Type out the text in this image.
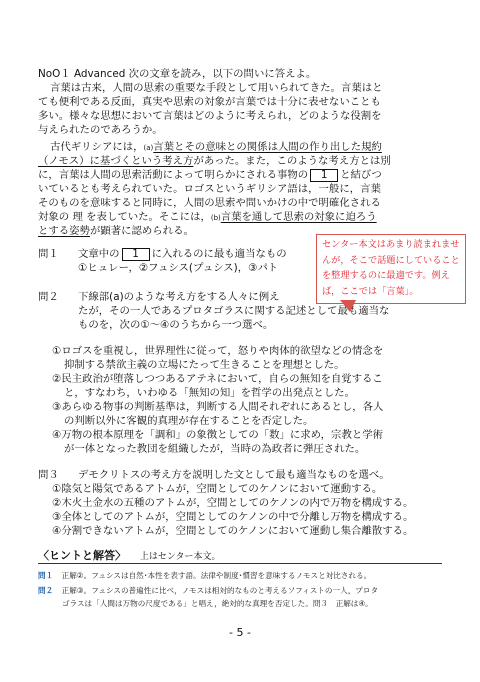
NoO１ Advanced 次の文章を読み，以下の問いに答えよ。
言葉は古来，人間の思索の重要な手段として用いられてきた。言葉はと
ても便利である反面，真実や思索の対象が言葉では十分に表せないことも
多い。様々な思想において言葉はどのように考えられ，どのような役割を
与えられたのであろうか。
古代ギリシアには，(a)言葉とその意味との関係は人間の作り出した規約
（ノモス）に基づくという考え方があった。また，このような考え方とは別
に，言葉は人間の思索活動によって明らかにされる事物の 1 と結びつ
いているとも考えられていた。ロゴスというギリシア語は，一般に，言葉
そのものを意味すると同時に，人間の思索や問いかけの中で明確化される
対象の 理 を表していた。そこには，(b)言葉を通して思索の対象に迫ろう
とする姿勢が顕著に認められる。
問１ 文章中の 1 に入れるのに最も適当なもの
①ヒュレー，②フュシス(プュシス)，③パト
問２ 下線部(a)のような考え方をする人々に例え
たが，その一人であるプロタゴラスに関する記述として最も適当な
ものを，次の①～④のうちから一つ選べ。
①ロゴスを重視し，世界理性に従って，怒りや肉体的欲望などの情念を
抑制する禁欲主義の立場にたって生きることを理想とした。
②民主政治が堕落しつつあるアテネにおいて，自らの無知を自覚するこ
と，すなわち，いわゆる「無知の知」を哲学の出発点とした。
③あらゆる物事の判断基準は，判断する人間それぞれにあるとし，各人
の判断以外に客観的真理が存在することを否定した。
④万物の根本原理を「調和」の象徴としての「数」に求め，宗教と学術
が一体となった教団を組織したが，当時の為政者に弾圧された。
問３ デモクリトスの考え方を説明した文として最も適当なものを選べ。
①陰気と陽気であるアトムが，空間としてのケノンにおいて運動する。
②木火土金水の五種のアトムが，空間としてのケノンの内で万物を構成する。
③全体としてのアトムが，空間としてのケノンの中で分離し万物を構成する。
④分割できないアトムが，空間としてのケノンにおいて運動し集合離散する。
センター本文はあまり読まれませんが，そこで話題にしていることを整理するのに最適です。例えば，ここでは「言葉」。
〈ヒントと解答〉 上はセンター本文。
問１ 正解②。フュシスは自然･本性を表す語。法律や制度･慣習を意味するノモスと対比される。
問２ 正解③。フュシスの普遍性に比べ，ノモスは相対的なものと考えるソフィストの一人，プロタ
ゴラスは「人間は万物の尺度である」と唱え，絶対的な真理を否定した。問３　正解は④。
- 5 -
